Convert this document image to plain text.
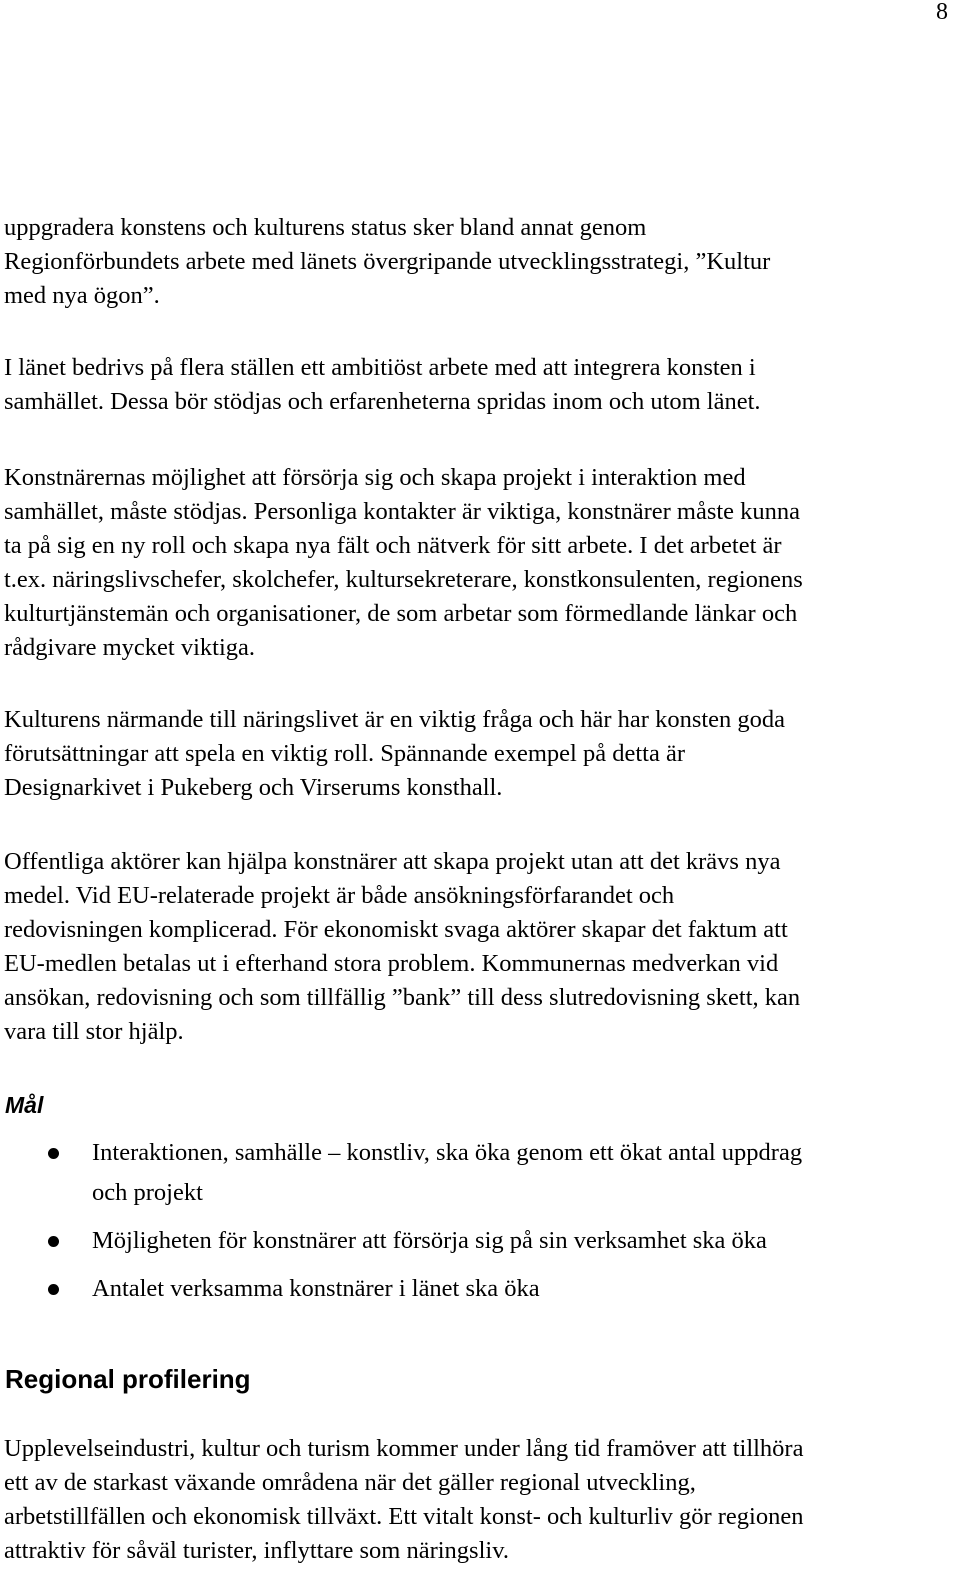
8

uppgradera konstens och kulturens status sker bland annat genom
Regionförbundets arbete med länets övergripande utvecklingsstrategi, ”Kultur
med nya ögon”.

I länet bedrivs på flera ställen ett ambitiöst arbete med att integrera konsten i
samhället. Dessa bör stödjas och erfarenheterna spridas inom och utom länet.

Konstnärernas möjlighet att försörja sig och skapa projekt i interaktion med
samhället, måste stödjas. Personliga kontakter är viktiga, konstnärer måste kunna
ta på sig en ny roll och skapa nya fält och nätverk för sitt arbete. I det arbetet är
t.ex. näringslivschefer, skolchefer, kultursekreterare, konstkonsulenten, regionens
kulturtjänstemän och organisationer, de som arbetar som förmedlande länkar och
rådgivare mycket viktiga.

Kulturens närmande till näringslivet är en viktig fråga och här har konsten goda
förutsättningar att spela en viktig roll. Spännande exempel på detta är
Designarkivet i Pukeberg och Virserums konsthall.

Offentliga aktörer kan hjälpa konstnärer att skapa projekt utan att det krävs nya
medel. Vid EU-relaterade projekt är både ansökningsförfarandet och
redovisningen komplicerad. För ekonomiskt svaga aktörer skapar det faktum att
EU-medlen betalas ut i efterhand stora problem. Kommunernas medverkan vid
ansökan, redovisning och som tillfällig ”bank” till dess slutredovisning skett, kan
vara till stor hjälp.

Mål
Interaktionen, samhälle – konstliv, ska öka genom ett ökat antal uppdrag
och projekt
Möjligheten för konstnärer att försörja sig på sin verksamhet ska öka
Antalet verksamma konstnärer i länet ska öka
Regional profilering

Upplevelseindustri, kultur och turism kommer under lång tid framöver att tillhöra
ett av de starkast växande områdena när det gäller regional utveckling,
arbetstillfällen och ekonomisk tillväxt. Ett vitalt konst- och kulturliv gör regionen
attraktiv för såväl turister, inflyttare som näringsliv.
